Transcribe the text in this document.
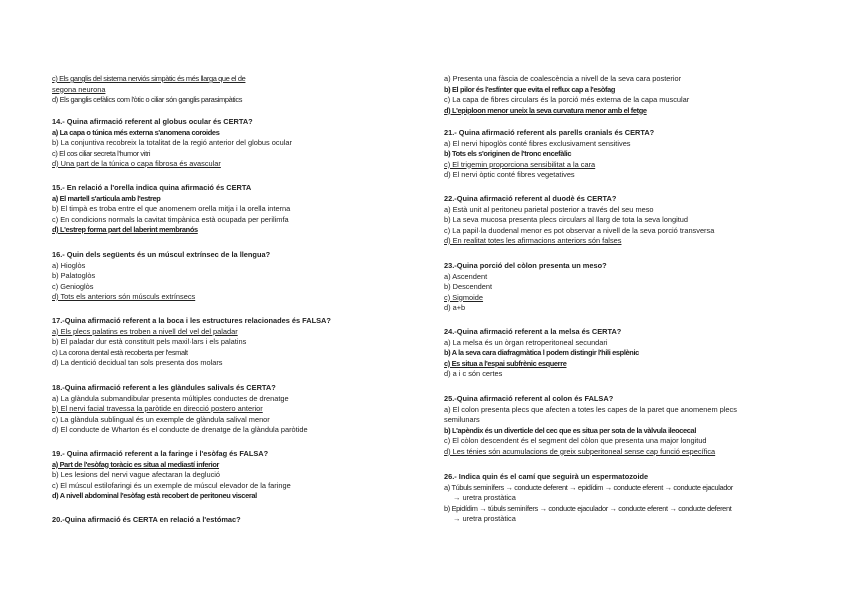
c) Els ganglis del sistema nerviós simpàtic és més llarga que el de
segona neurona
d) Els ganglis cefàlics com l'òtic o ciliar són ganglis parasimpàtics
14.- Quina afirmació referent al globus ocular és CERTA?
a) La capa o túnica més externa s'anomena coroides
b) La conjuntiva recobreix la totalitat de la regió anterior del globus ocular
c) El cos ciliar secreta l'humor vitri
d) Una part de la túnica o capa fibrosa és avascular
15.- En relació a l'orella indica quina afirmació és CERTA
a) El martell s'articula amb l'estrep
b) El timpà es troba entre el que anomenem orella mitja i la orella interna
c) En condicions normals la cavitat timpànica està ocupada per perilimfa
d) L'estrep forma part del laberint membranós
16.- Quin dels següents és un múscul extrínsec de la llengua?
a) Hioglòs
b) Palatoglòs
c) Genioglòs
d) Tots els anteriors són músculs extrínsecs
17.-Quina afirmació referent a la boca i les estructures relacionades és FALSA?
a) Els plecs palatins es troben a nivell del vel del paladar
b) El paladar dur està constituït pels maxil·lars i els palatins
c) La corona dental està recoberta per l'esmalt
d) La dentició decidual tan sols presenta dos molars
18.-Quina afirmació referent a les glàndules salivals és CERTA?
a) La glàndula submandibular presenta múltiples conductes de drenatge
b) El nervi facial travessa la paròtide en direcció postero anterior
c) La glàndula sublingual és un exemple de glàndula salival menor
d) El conducte de Wharton és el conducte de drenatge de la glàndula paròtide
19.- Quina afirmació referent a la faringe i l'esòfag és FALSA?
a) Part de l'esòfag toràcic es situa al mediastí inferior
b) Les lesions del nervi vague afectaran la deglució
c) El múscul estilofaringi és un exemple de múscul elevador de la faringe
d) A nivell abdominal l'esòfag està recobert de peritoneu visceral
20.-Quina afirmació és CERTA en relació a l'estómac?
a) Presenta una fàscia de coalescència a nivell de la seva cara posterior
b) El pilor és l'esfínter que evita el reflux cap a l'esòfag
c) La capa de fibres circulars és la porció més externa de la capa muscular
d) L'epiploon menor uneix la seva curvatura menor amb el fetge
21.- Quina afirmació referent als parells cranials és CERTA?
a) El nervi hipoglòs conté fibres exclusivament sensitives
b) Tots els s'originen de l'tronc encefàlic
c) El trigemin proporciona sensibilitat a la cara
d) El nervi òptic conté fibres vegetatives
22.-Quina afirmació referent al duodè és CERTA?
a) Està unit al peritoneu parietal posterior a través del seu meso
b) La seva mucosa presenta plecs circulars al llarg de tota la seva longitud
c) La papil·la duodenal menor es pot observar a nivell de la seva porció transversa
d) En realitat totes les afirmacions anteriors són falses
23.-Quina porció del còlon presenta un meso?
a) Ascendent
b) Descendent
c) Sigmoide
d) a+b
24.-Quina afirmació referent a la melsa és CERTA?
a) La melsa és un òrgan retroperitoneal secundari
b) A la seva cara diafragmàtica l podem distingir l'hili esplènic
c) Es situa a l'espai subfrènic esquerre
d) a i c són certes
25.-Quina afirmació referent al colon és FALSA?
a) El colon presenta plecs que afecten a totes les capes de la paret que anomenem plecs
semilunars
b) L'apèndix és un diverticle del cec que es situa per sota de la vàlvula ileocecal
c) El còlon descendent és el segment del còlon que presenta una major longitud
d) Les ténies són acumulacions de greix subperitoneal sense cap funció específica
26.- Indica quin és el camí que seguirà un espermatozoide
a) Túbuls seminífers → conducte deferent → epidídim → conducte eferent → conducte ejaculador
→ uretra prostàtica
b) Epidídim → túbuls seminífers → conducte ejaculador → conducte eferent → conducte deferent
→ uretra prostàtica
